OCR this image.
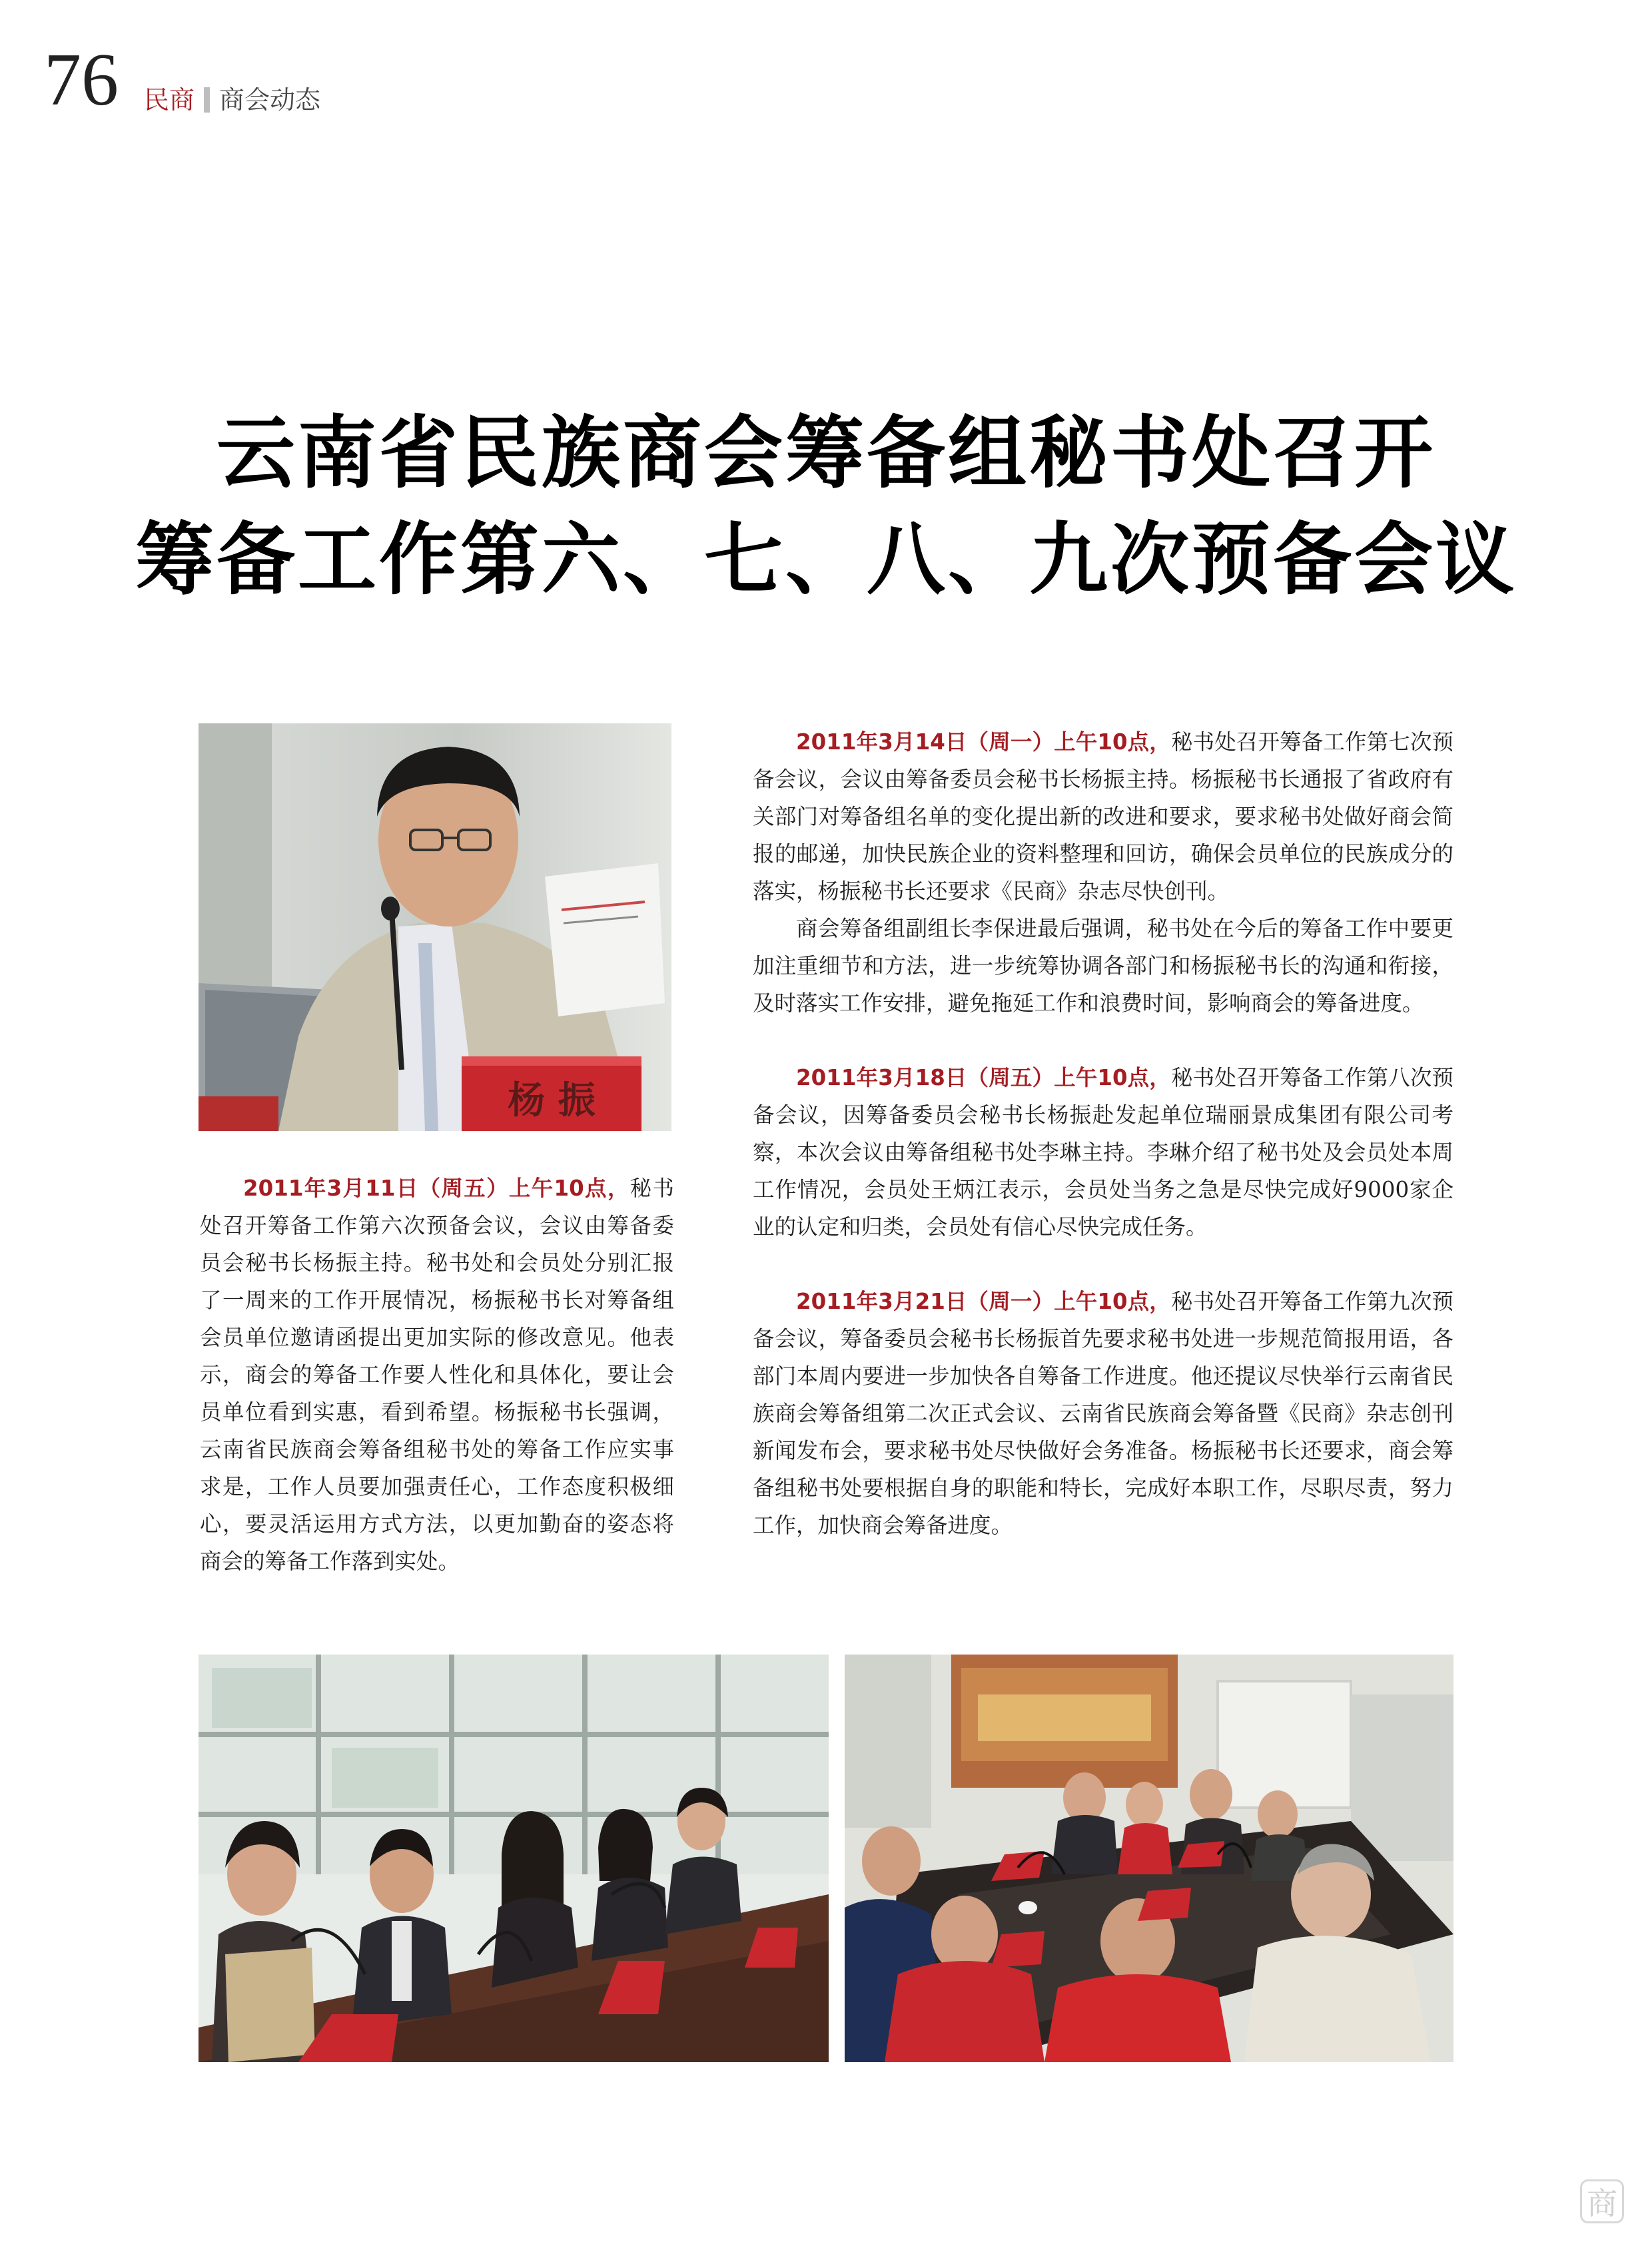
76 民商 商会动态
云南省民族商会筹备组秘书处召开
筹备工作第六、七、八、九次预备会议
杨 振

2011年3月11日（周五）上午10点，秘书处召开筹备工作第六次预备会议，会议由筹备委员会秘书长杨振主持。秘书处和会员处分别汇报了一周来的工作开展情况，杨振秘书长对筹备组会员单位邀请函提出更加实际的修改意见。他表示，商会的筹备工作要人性化和具体化，要让会员单位看到实惠，看到希望。杨振秘书长强调，云南省民族商会筹备组秘书处的筹备工作应实事求是，工作人员要加强责任心，工作态度积极细心，要灵活运用方式方法，以更加勤奋的姿态将商会的筹备工作落到实处。

2011年3月14日（周一）上午10点，秘书处召开筹备工作第七次预备会议，会议由筹备委员会秘书长杨振主持。杨振秘书长通报了省政府有关部门对筹备组名单的变化提出新的改进和要求，要求秘书处做好商会简报的邮递，加快民族企业的资料整理和回访，确保会员单位的民族成分的落实，杨振秘书长还要求《民商》杂志尽快创刊。

商会筹备组副组长李保进最后强调，秘书处在今后的筹备工作中要更加注重细节和方法，进一步统筹协调各部门和杨振秘书长的沟通和衔接，及时落实工作安排，避免拖延工作和浪费时间，影响商会的筹备进度。

2011年3月18日（周五）上午10点，秘书处召开筹备工作第八次预备会议，因筹备委员会秘书长杨振赴发起单位瑞丽景成集团有限公司考察，本次会议由筹备组秘书处李琳主持。李琳介绍了秘书处及会员处本周工作情况，会员处王炳江表示，会员处当务之急是尽快完成好9000家企业的认定和归类，会员处有信心尽快完成任务。

2011年3月21日（周一）上午10点，秘书处召开筹备工作第九次预备会议，筹备委员会秘书长杨振首先要求秘书处进一步规范简报用语，各部门本周内要进一步加快各自筹备工作进度。他还提议尽快举行云南省民族商会筹备组第二次正式会议、云南省民族商会筹备暨《民商》杂志创刊新闻发布会，要求秘书处尽快做好会务准备。杨振秘书长还要求，商会筹备组秘书处要根据自身的职能和特长，完成好本职工作，尽职尽责，努力工作，加快商会筹备进度。

商
